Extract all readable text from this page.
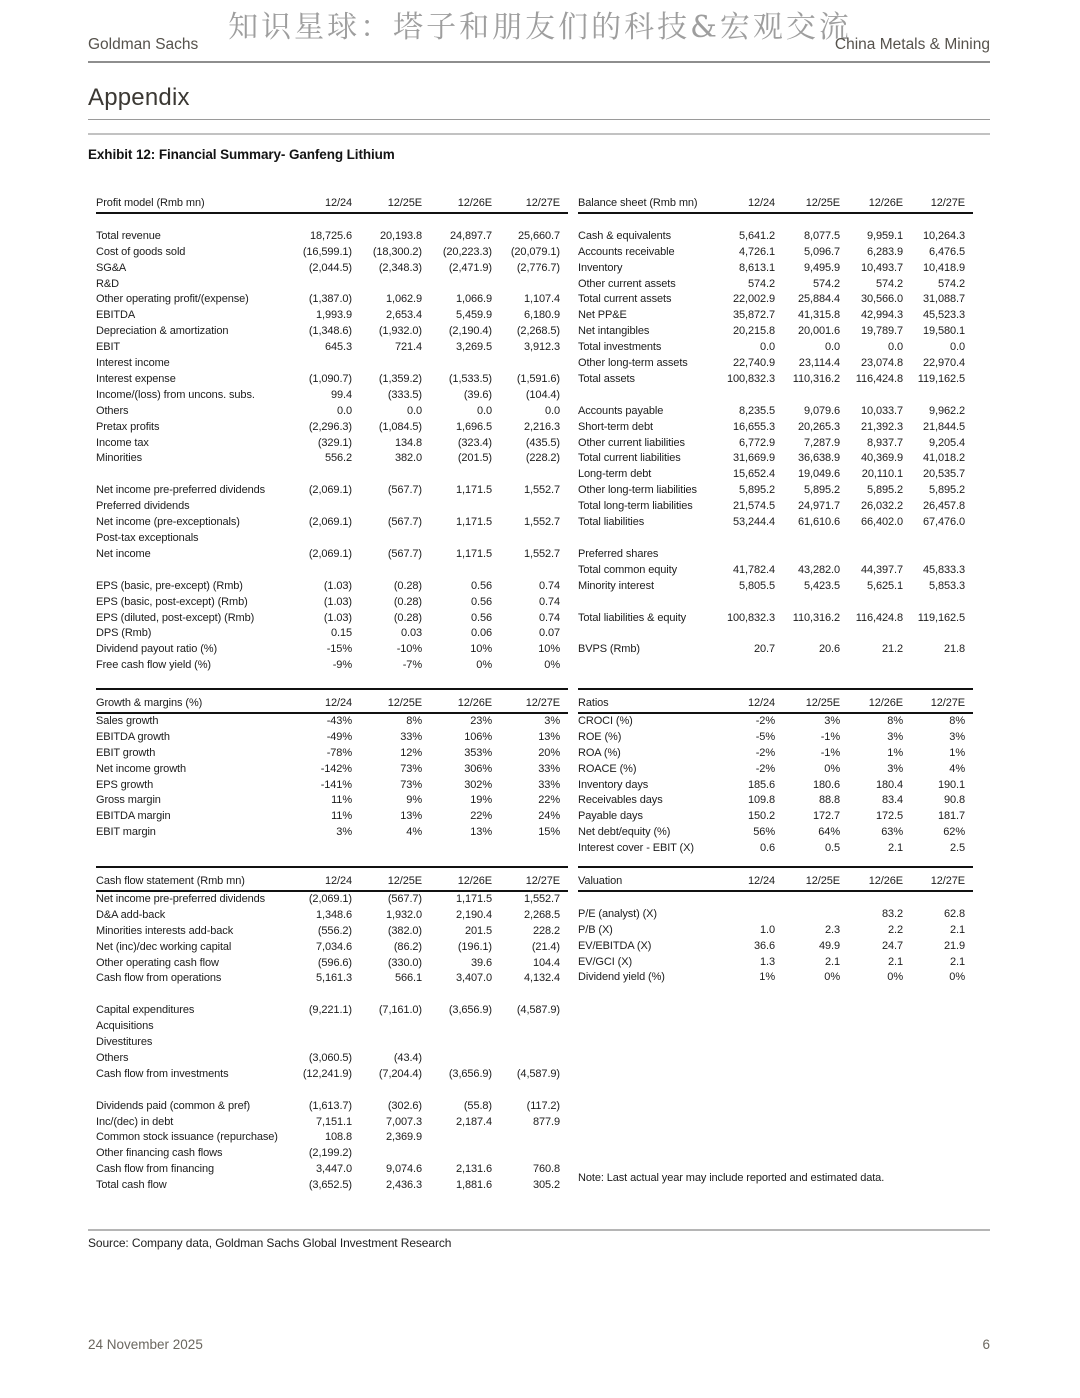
知识星球：塔子和朋友们的科技&宏观交流
Goldman Sachs	China Metals & Mining
Appendix
Exhibit 12: Financial Summary- Ganfeng Lithium
Profit model (Rmb mn)	12/24	12/25E	12/26E	12/27E

Total revenue	18,725.6	20,193.8	24,897.7	25,660.7
Cost of goods sold	(16,599.1)	(18,300.2)	(20,223.3)	(20,079.1)
SG&A	(2,044.5)	(2,348.3)	(2,471.9)	(2,776.7)
R&D				
Other operating profit/(expense)	(1,387.0)	1,062.9	1,066.9	1,107.4
EBITDA	1,993.9	2,653.4	5,459.9	6,180.9
Depreciation & amortization	(1,348.6)	(1,932.0)	(2,190.4)	(2,268.5)
EBIT	645.3	721.4	3,269.5	3,912.3
Interest income				
Interest expense	(1,090.7)	(1,359.2)	(1,533.5)	(1,591.6)
Income/(loss) from uncons. subs.	99.4	(333.5)	(39.6)	(104.4)
Others	0.0	0.0	0.0	0.0
Pretax profits	(2,296.3)	(1,084.5)	1,696.5	2,216.3
Income tax	(329.1)	134.8	(323.4)	(435.5)
Minorities	556.2	382.0	(201.5)	(228.2)

Net income pre-preferred dividends	(2,069.1)	(567.7)	1,171.5	1,552.7
Preferred dividends				
Net income (pre-exceptionals)	(2,069.1)	(567.7)	1,171.5	1,552.7
Post-tax exceptionals				
Net income	(2,069.1)	(567.7)	1,171.5	1,552.7

EPS (basic, pre-except) (Rmb)	(1.03)	(0.28)	0.56	0.74
EPS (basic, post-except) (Rmb)	(1.03)	(0.28)	0.56	0.74
EPS (diluted, post-except) (Rmb)	(1.03)	(0.28)	0.56	0.74
DPS (Rmb)	0.15	0.03	0.06	0.07
Dividend payout ratio (%)	-15%	-10%	10%	10%
Free cash flow yield (%)	-9%	-7%	0%	0%
Balance sheet (Rmb mn)	12/24	12/25E	12/26E	12/27E

Cash & equivalents	5,641.2	8,077.5	9,959.1	10,264.3
Accounts receivable	4,726.1	5,096.7	6,283.9	6,476.5
Inventory	8,613.1	9,495.9	10,493.7	10,418.9
Other current assets	574.2	574.2	574.2	574.2
Total current assets	22,002.9	25,884.4	30,566.0	31,088.7
Net PP&E	35,872.7	41,315.8	42,994.3	45,523.3
Net intangibles	20,215.8	20,001.6	19,789.7	19,580.1
Total investments	0.0	0.0	0.0	0.0
Other long-term assets	22,740.9	23,114.4	23,074.8	22,970.4
Total assets	100,832.3	110,316.2	116,424.8	119,162.5

Accounts payable	8,235.5	9,079.6	10,033.7	9,962.2
Short-term debt	16,655.3	20,265.3	21,392.3	21,844.5
Other current liabilities	6,772.9	7,287.9	8,937.7	9,205.4
Total current liabilities	31,669.9	36,638.9	40,369.9	41,018.2
Long-term debt	15,652.4	19,049.6	20,110.1	20,535.7
Other long-term liabilities	5,895.2	5,895.2	5,895.2	5,895.2
Total long-term liabilities	21,574.5	24,971.7	26,032.2	26,457.8
Total liabilities	53,244.4	61,610.6	66,402.0	67,476.0

Preferred shares				
Total common equity	41,782.4	43,282.0	44,397.7	45,833.3
Minority interest	5,805.5	5,423.5	5,625.1	5,853.3

Total liabilities & equity	100,832.3	110,316.2	116,424.8	119,162.5

BVPS (Rmb)	20.7	20.6	21.2	21.8
Growth & margins (%)	12/24	12/25E	12/26E	12/27E
Sales growth	-43%	8%	23%	3%
EBITDA growth	-49%	33%	106%	13%
EBIT growth	-78%	12%	353%	20%
Net income growth	-142%	73%	306%	33%
EPS growth	-141%	73%	302%	33%
Gross margin	11%	9%	19%	22%
EBITDA margin	11%	13%	22%	24%
EBIT margin	3%	4%	13%	15%
Ratios	12/24	12/25E	12/26E	12/27E
CROCI (%)	-2%	3%	8%	8%
ROE (%)	-5%	-1%	3%	3%
ROA (%)	-2%	-1%	1%	1%
ROACE (%)	-2%	0%	3%	4%
Inventory days	185.6	180.6	180.4	190.1
Receivables days	109.8	88.8	83.4	90.8
Payable days	150.2	172.7	172.5	181.7
Net debt/equity (%)	56%	64%	63%	62%
Interest cover - EBIT (X)	0.6	0.5	2.1	2.5
Cash flow statement (Rmb mn)	12/24	12/25E	12/26E	12/27E
Net income pre-preferred dividends	(2,069.1)	(567.7)	1,171.5	1,552.7
D&A add-back	1,348.6	1,932.0	2,190.4	2,268.5
Minorities interests add-back	(556.2)	(382.0)	201.5	228.2
Net (inc)/dec working capital	7,034.6	(86.2)	(196.1)	(21.4)
Other operating cash flow	(596.6)	(330.0)	39.6	104.4
Cash flow from operations	5,161.3	566.1	3,407.0	4,132.4

Capital expenditures	(9,221.1)	(7,161.0)	(3,656.9)	(4,587.9)
Acquisitions				
Divestitures				
Others	(3,060.5)	(43.4)		
Cash flow from investments	(12,241.9)	(7,204.4)	(3,656.9)	(4,587.9)

Dividends paid (common & pref)	(1,613.7)	(302.6)	(55.8)	(117.2)
Inc/(dec) in debt	7,151.1	7,007.3	2,187.4	877.9
Common stock issuance (repurchase)	108.8	2,369.9		
Other financing cash flows	(2,199.2)			
Cash flow from financing	3,447.0	9,074.6	2,131.6	760.8
Total cash flow	(3,652.5)	2,436.3	1,881.6	305.2
Valuation	12/24	12/25E	12/26E	12/27E

P/E (analyst) (X)			83.2	62.8
P/B (X)	1.0	2.3	2.2	2.1
EV/EBITDA (X)	36.6	49.9	24.7	21.9
EV/GCI (X)	1.3	2.1	2.1	2.1
Dividend yield (%)	1%	0%	0%	0%
Note: Last actual year may include reported and estimated data.
Source: Company data, Goldman Sachs Global Investment Research
24 November 2025	6
